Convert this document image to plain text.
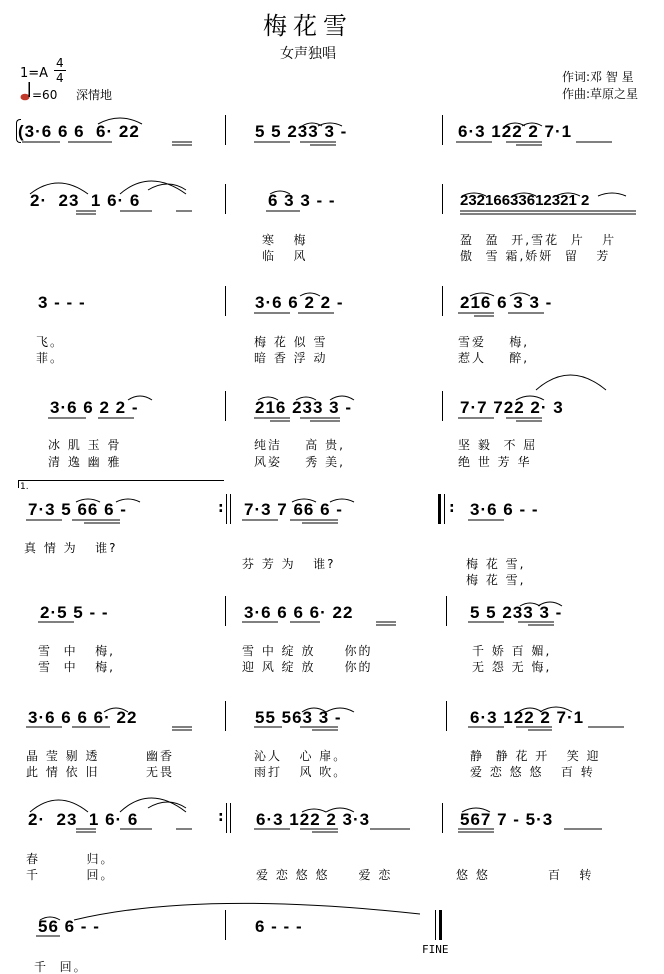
梅花雪
女声独唱
1=A
4
4
=60 深情地
作词:邓 智 星
作曲:草原之星
(3·6 6 6  6· 22	5 5 233 3 -	6·3 122 2 7·1
2·  23  1 6· 6	6 3 3 - -	23216633612321 2
寒   梅	盈  盈  开,雪花  片   片
临   风	傲  雪 霜,娇妍  留   芳
3 - - -	3·6 6 2 2 -	216 6 3 3 -
飞。	梅 花 似 雪	雪爱    梅,
菲。	暗 香 浮 动	惹人    醉,
3·6 6 2 2 -	216 233 3 -	7·7 722 2· 3
冰 肌 玉 骨	纯洁    高 贵,	坚 毅  不 屈
清 逸 幽 雅	风姿    秀 美,	绝 世 芳 华
1.
7·3 5 66 6 -	7·3 7 66 6 -	3·6 6 - -
:	:
真 情 为   谁?
芬 芳 为   谁?	梅 花 雪,
梅 花 雪,
2·5 5 - -	3·6 6 6 6· 22	5 5 233 3 -
雪  中   梅,	雪 中 绽 放     你的	千 娇 百 媚,
雪  中   梅,	迎 风 绽 放     你的	无 怨 无 悔,
3·6 6 6 6· 22	55 563 3 -	6·3 122 2 7·1
晶 莹 剔 透        幽香	沁人   心 扉。	静  静 花 开   笑 迎
此 情 依 旧        无畏	雨打   风 吹。	爱 恋 悠 悠   百 转
2·  23  1 6· 6	6·3 122 2 3·3	567 7 - 5·3
:
春        归。
千        回。	爱 恋 悠 悠     爱 恋	悠 悠          百   转
56 6 - -	6 - - -
FINE
千  回。
